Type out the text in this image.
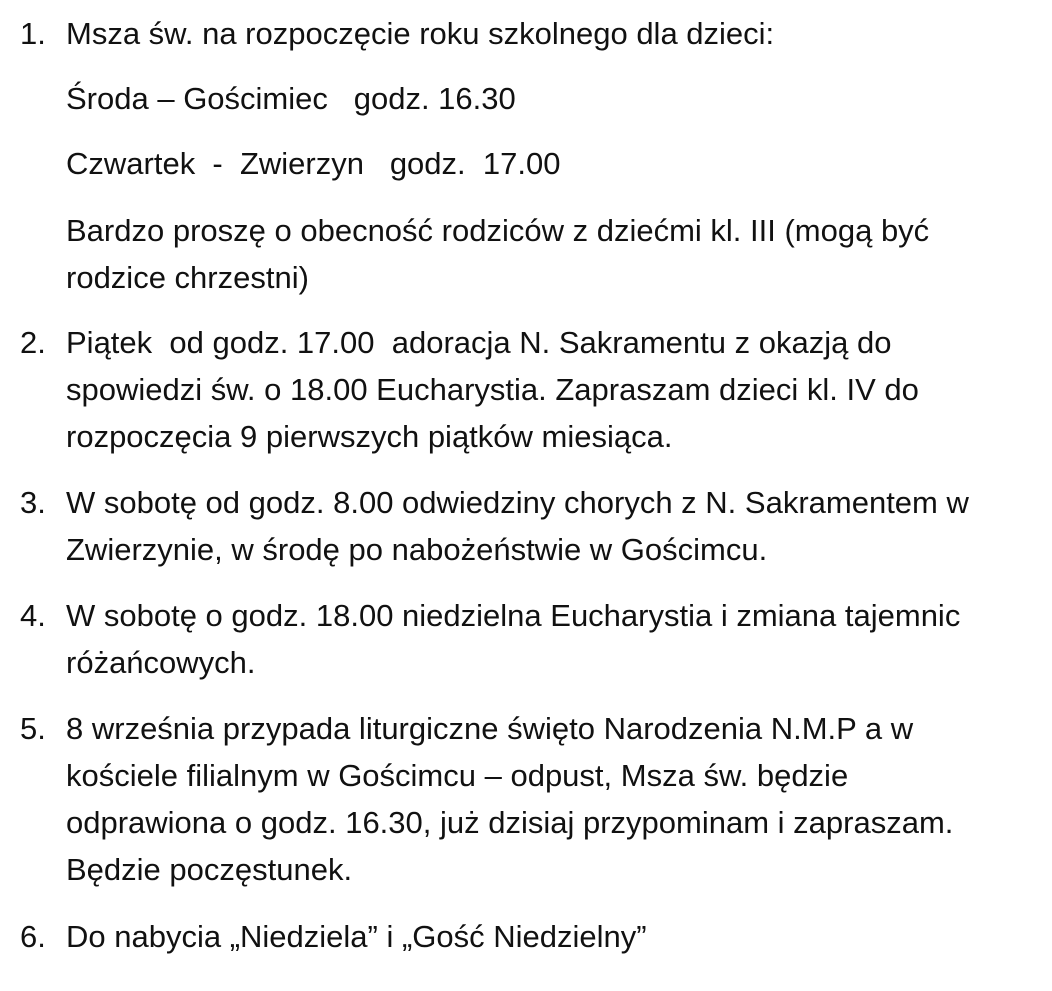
1. Msza św. na rozpoczęcie roku szkolnego dla dzieci:
Środa – Gościmiec   godz. 16.30
Czwartek  -  Zwierzyn   godz.  17.00
Bardzo proszę o obecność rodziców z dziećmi kl. III (mogą być
rodzice chrzestni)
2. Piątek  od godz. 17.00  adoracja N. Sakramentu z okazją do
spowiedzi św. o 18.00 Eucharystia. Zapraszam dzieci kl. IV do
rozpoczęcia 9 pierwszych piątków miesiąca.
3. W sobotę od godz. 8.00 odwiedziny chorych z N. Sakramentem w
Zwierzynie, w środę po nabożeństwie w Gościmcu.
4. W sobotę o godz. 18.00 niedzielna Eucharystia i zmiana tajemnic
różańcowych.
5. 8 września przypada liturgiczne święto Narodzenia N.M.P a w
kościele filialnym w Gościmcu – odpust, Msza św. będzie
odprawiona o godz. 16.30, już dzisiaj przypominam i zapraszam.
Będzie poczęstunek.
6. Do nabycia „Niedziela” i „Gość Niedzielny”
